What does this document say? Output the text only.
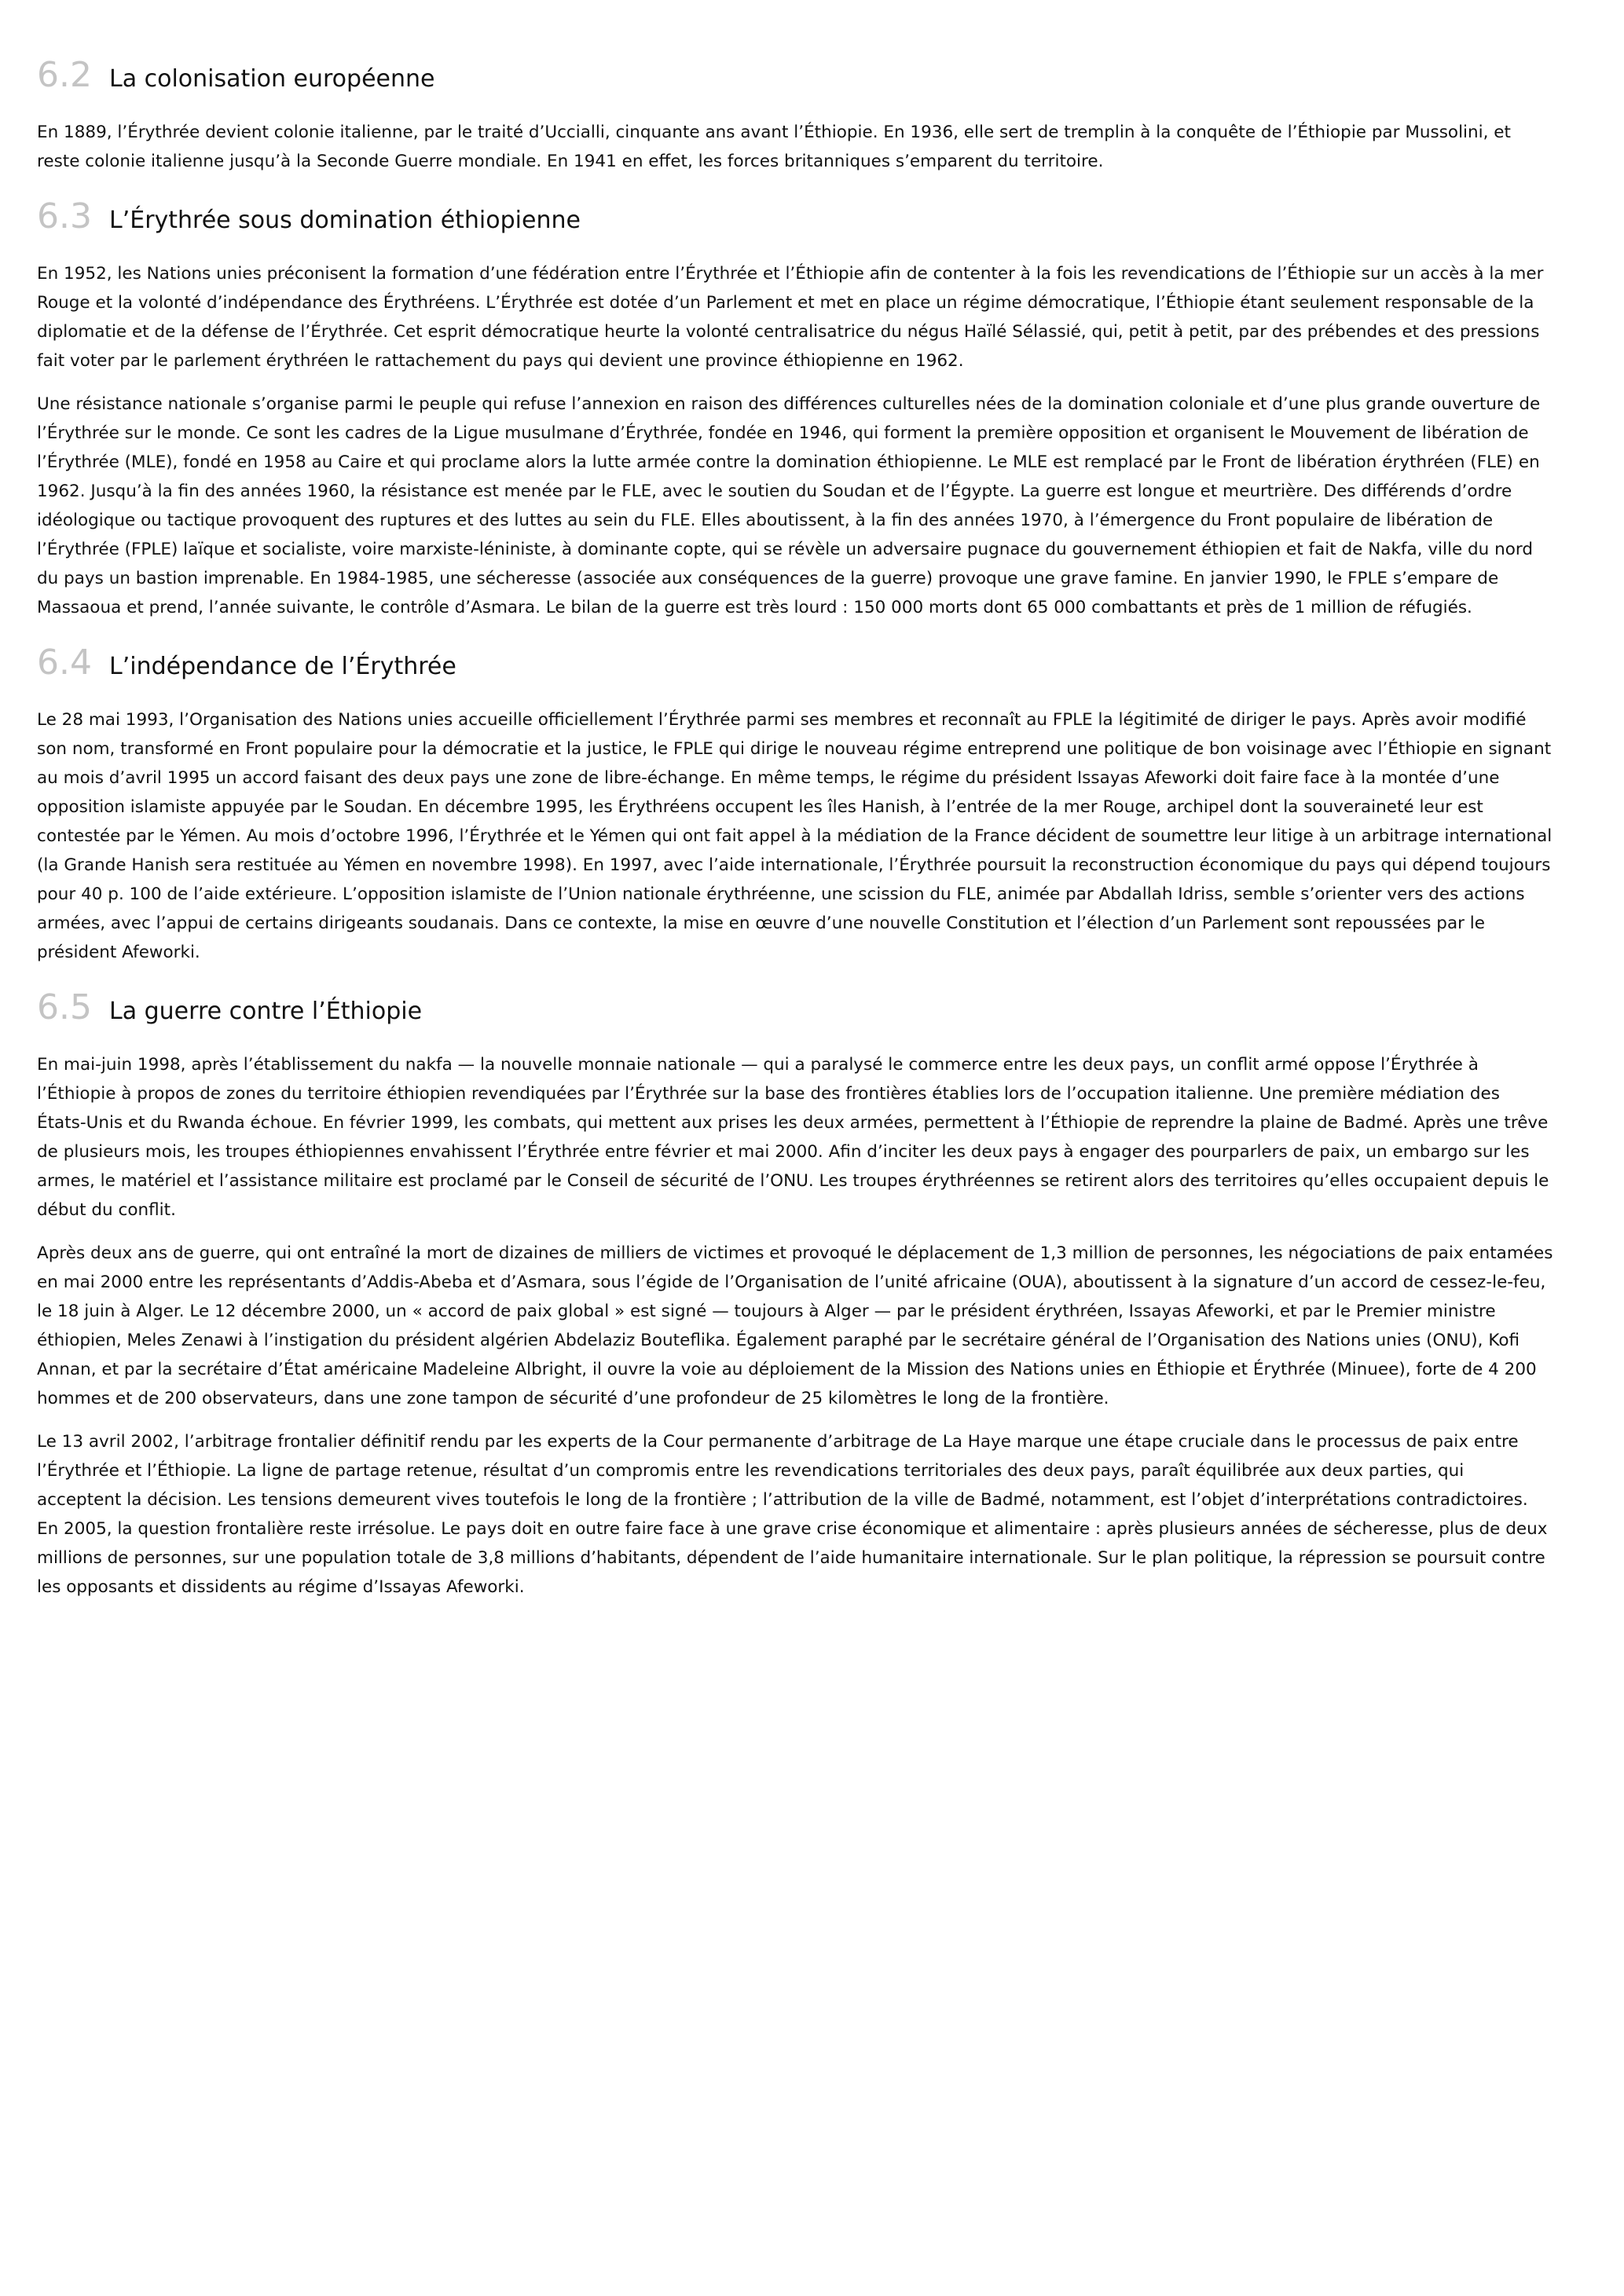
6.2 La colonisation européenne

En 1889, l’Érythrée devient colonie italienne, par le traité d’Uccialli, cinquante ans avant l’Éthiopie. En 1936, elle sert de tremplin à la conquête de l’Éthiopie par Mussolini, et reste colonie italienne jusqu’à la Seconde Guerre mondiale. En 1941 en effet, les forces britanniques s’emparent du territoire.

6.3 L’Érythrée sous domination éthiopienne

En 1952, les Nations unies préconisent la formation d’une fédération entre l’Érythrée et l’Éthiopie afin de contenter à la fois les revendications de l’Éthiopie sur un accès à la mer Rouge et la volonté d’indépendance des Érythréens. L’Érythrée est dotée d’un Parlement et met en place un régime démocratique, l’Éthiopie étant seulement responsable de la diplomatie et de la défense de l’Érythrée. Cet esprit démocratique heurte la volonté centralisatrice du négus Haïlé Sélassié, qui, petit à petit, par des prébendes et des pressions fait voter par le parlement érythréen le rattachement du pays qui devient une province éthiopienne en 1962.

Une résistance nationale s’organise parmi le peuple qui refuse l’annexion en raison des différences culturelles nées de la domination coloniale et d’une plus grande ouverture de l’Érythrée sur le monde. Ce sont les cadres de la Ligue musulmane d’Érythrée, fondée en 1946, qui forment la première opposition et organisent le Mouvement de libération de l’Érythrée (MLE), fondé en 1958 au Caire et qui proclame alors la lutte armée contre la domination éthiopienne. Le MLE est remplacé par le Front de libération érythréen (FLE) en 1962. Jusqu’à la fin des années 1960, la résistance est menée par le FLE, avec le soutien du Soudan et de l’Égypte. La guerre est longue et meurtrière. Des différends d’ordre idéologique ou tactique provoquent des ruptures et des luttes au sein du FLE. Elles aboutissent, à la fin des années 1970, à l’émergence du Front populaire de libération de l’Érythrée (FPLE) laïque et socialiste, voire marxiste-léniniste, à dominante copte, qui se révèle un adversaire pugnace du gouvernement éthiopien et fait de Nakfa, ville du nord du pays un bastion imprenable. En 1984-1985, une sécheresse (associée aux conséquences de la guerre) provoque une grave famine. En janvier 1990, le FPLE s’empare de Massaoua et prend, l’année suivante, le contrôle d’Asmara. Le bilan de la guerre est très lourd : 150 000 morts dont 65 000 combattants et près de 1 million de réfugiés.

6.4 L’indépendance de l’Érythrée

Le 28 mai 1993, l’Organisation des Nations unies accueille officiellement l’Érythrée parmi ses membres et reconnaît au FPLE la légitimité de diriger le pays. Après avoir modifié son nom, transformé en Front populaire pour la démocratie et la justice, le FPLE qui dirige le nouveau régime entreprend une politique de bon voisinage avec l’Éthiopie en signant au mois d’avril 1995 un accord faisant des deux pays une zone de libre-échange. En même temps, le régime du président Issayas Afeworki doit faire face à la montée d’une opposition islamiste appuyée par le Soudan. En décembre 1995, les Érythréens occupent les îles Hanish, à l’entrée de la mer Rouge, archipel dont la souveraineté leur est contestée par le Yémen. Au mois d’octobre 1996, l’Érythrée et le Yémen qui ont fait appel à la médiation de la France décident de soumettre leur litige à un arbitrage international (la Grande Hanish sera restituée au Yémen en novembre 1998). En 1997, avec l’aide internationale, l’Érythrée poursuit la reconstruction économique du pays qui dépend toujours pour 40 p. 100 de l’aide extérieure. L’opposition islamiste de l’Union nationale érythréenne, une scission du FLE, animée par Abdallah Idriss, semble s’orienter vers des actions armées, avec l’appui de certains dirigeants soudanais. Dans ce contexte, la mise en œuvre d’une nouvelle Constitution et l’élection d’un Parlement sont repoussées par le président Afeworki.

6.5 La guerre contre l’Éthiopie

En mai-juin 1998, après l’établissement du nakfa — la nouvelle monnaie nationale — qui a paralysé le commerce entre les deux pays, un conflit armé oppose l’Érythrée à l’Éthiopie à propos de zones du territoire éthiopien revendiquées par l’Érythrée sur la base des frontières établies lors de l’occupation italienne. Une première médiation des États-Unis et du Rwanda échoue. En février 1999, les combats, qui mettent aux prises les deux armées, permettent à l’Éthiopie de reprendre la plaine de Badmé. Après une trêve de plusieurs mois, les troupes éthiopiennes envahissent l’Érythrée entre février et mai 2000. Afin d’inciter les deux pays à engager des pourparlers de paix, un embargo sur les armes, le matériel et l’assistance militaire est proclamé par le Conseil de sécurité de l’ONU. Les troupes érythréennes se retirent alors des territoires qu’elles occupaient depuis le début du conflit.

Après deux ans de guerre, qui ont entraîné la mort de dizaines de milliers de victimes et provoqué le déplacement de 1,3 million de personnes, les négociations de paix entamées en mai 2000 entre les représentants d’Addis-Abeba et d’Asmara, sous l’égide de l’Organisation de l’unité africaine (OUA), aboutissent à la signature d’un accord de cessez-le-feu, le 18 juin à Alger. Le 12 décembre 2000, un « accord de paix global » est signé — toujours à Alger — par le président érythréen, Issayas Afeworki, et par le Premier ministre éthiopien, Meles Zenawi à l’instigation du président algérien Abdelaziz Bouteflika. Également paraphé par le secrétaire général de l’Organisation des Nations unies (ONU), Kofi Annan, et par la secrétaire d’État américaine Madeleine Albright, il ouvre la voie au déploiement de la Mission des Nations unies en Éthiopie et Érythrée (Minuee), forte de 4 200 hommes et de 200 observateurs, dans une zone tampon de sécurité d’une profondeur de 25 kilomètres le long de la frontière.

Le 13 avril 2002, l’arbitrage frontalier définitif rendu par les experts de la Cour permanente d’arbitrage de La Haye marque une étape cruciale dans le processus de paix entre l’Érythrée et l’Éthiopie. La ligne de partage retenue, résultat d’un compromis entre les revendications territoriales des deux pays, paraît équilibrée aux deux parties, qui acceptent la décision. Les tensions demeurent vives toutefois le long de la frontière ; l’attribution de la ville de Badmé, notamment, est l’objet d’interprétations contradictoires. En 2005, la question frontalière reste irrésolue. Le pays doit en outre faire face à une grave crise économique et alimentaire : après plusieurs années de sécheresse, plus de deux millions de personnes, sur une population totale de 3,8 millions d’habitants, dépendent de l’aide humanitaire internationale. Sur le plan politique, la répression se poursuit contre les opposants et dissidents au régime d’Issayas Afeworki.
